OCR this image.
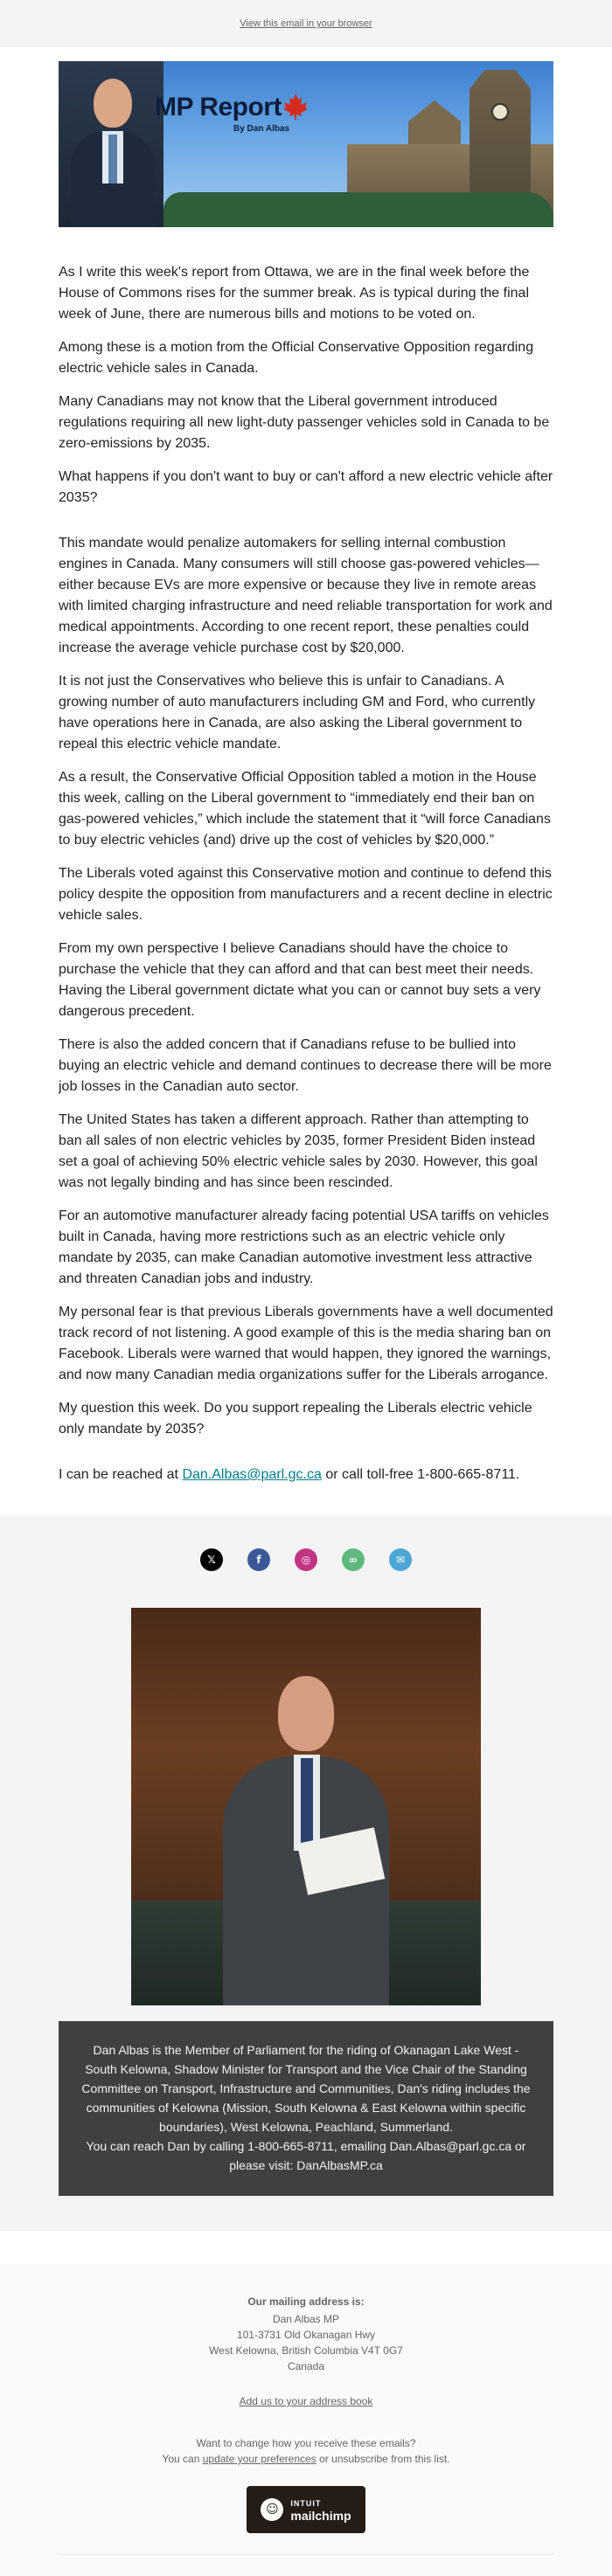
View this email in your browser
MP Report
By Dan Albas

As I write this week's report from Ottawa, we are in the final week before the House of Commons rises for the summer break. As is typical during the final week of June, there are numerous bills and motions to be voted on.

Among these is a motion from the Official Conservative Opposition regarding electric vehicle sales in Canada.

Many Canadians may not know that the Liberal government introduced regulations requiring all new light-duty passenger vehicles sold in Canada to be zero-emissions by 2035.

What happens if you don't want to buy or can't afford a new electric vehicle after 2035?

This mandate would penalize automakers for selling internal combustion engines in Canada. Many consumers will still choose gas-powered vehicles—either because EVs are more expensive or because they live in remote areas with limited charging infrastructure and need reliable transportation for work and medical appointments. According to one recent report, these penalties could increase the average vehicle purchase cost by $20,000.

It is not just the Conservatives who believe this is unfair to Canadians. A growing number of auto manufacturers including GM and Ford, who currently have operations here in Canada, are also asking the Liberal government to repeal this electric vehicle mandate.

As a result, the Conservative Official Opposition tabled a motion in the House this week, calling on the Liberal government to “immediately end their ban on gas-powered vehicles,” which include the statement that it “will force Canadians to buy electric vehicles (and) drive up the cost of vehicles by $20,000.”

The Liberals voted against this Conservative motion and continue to defend this policy despite the opposition from manufacturers and a recent decline in electric vehicle sales.

From my own perspective I believe Canadians should have the choice to purchase the vehicle that they can afford and that can best meet their needs. Having the Liberal government dictate what you can or cannot buy sets a very dangerous precedent.

There is also the added concern that if Canadians refuse to be bullied into buying an electric vehicle and demand continues to decrease there will be more job losses in the Canadian auto sector.

The United States has taken a different approach. Rather than attempting to ban all sales of non electric vehicles by 2035, former President Biden instead set a goal of achieving 50% electric vehicle sales by 2030. However, this goal was not legally binding and has since been rescinded.

For an automotive manufacturer already facing potential USA tariffs on vehicles built in Canada, having more restrictions such as an electric vehicle only mandate by 2035, can make Canadian automotive investment less attractive and threaten Canadian jobs and industry.

My personal fear is that previous Liberals governments have a well documented track record of not listening. A good example of this is the media sharing ban on Facebook. Liberals were warned that would happen, they ignored the warnings, and now many Canadian media organizations suffer for the Liberals arrogance.

My question this week. Do you support repealing the Liberals electric vehicle only mandate by 2035?

I can be reached at Dan.Albas@parl.gc.ca or call toll-free 1-800-665-8711.

𝕏	f	◎	∞	✉

Dan Albas is the Member of Parliament for the riding of Okanagan Lake West - South Kelowna, Shadow Minister for Transport and the Vice Chair of the Standing Committee on Transport, Infrastructure and Communities, Dan's riding includes the communities of Kelowna (Mission, South Kelowna & East Kelowna within specific boundaries), West Kelowna, Peachland, Summerland.

You can reach Dan by calling 1-800-665-8711, emailing Dan.Albas@parl.gc.ca or please visit: DanAlbasMP.ca

Our mailing address is:
Dan Albas MP
101-3731 Old Okanagan Hwy
West Kelowna, British Columbia V4T 0G7
Canada
Add us to your address book
Want to change how you receive these emails?
You can update your preferences or unsubscribe from this list.
☺	INTUIT
mailchimp
